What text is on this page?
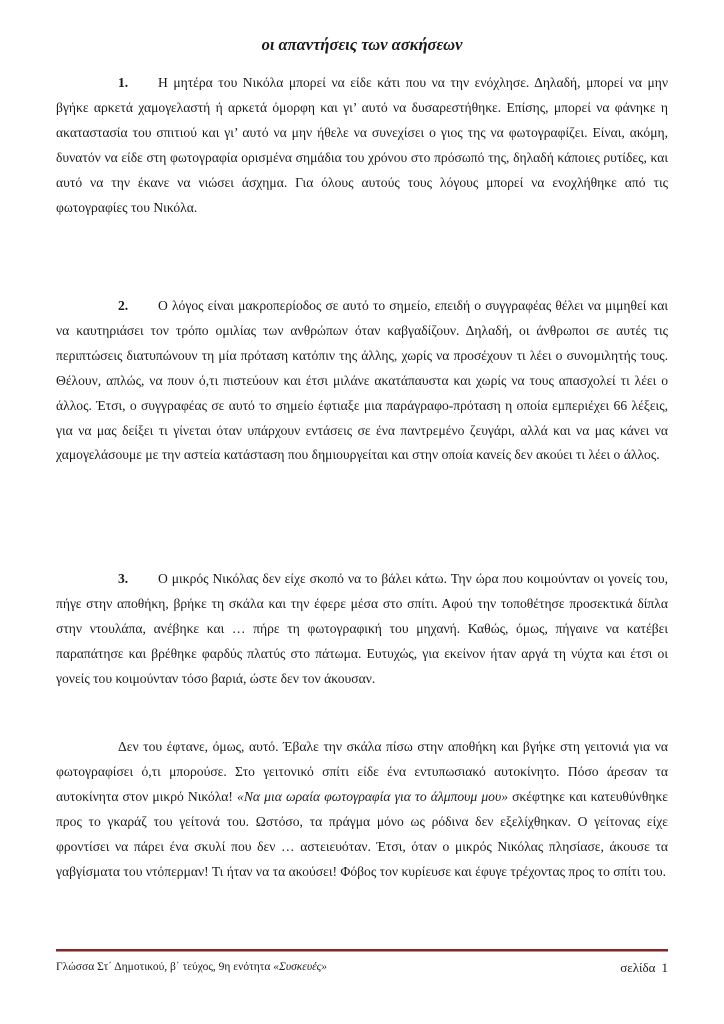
οι απαντήσεις των ασκήσεων

1. Η μητέρα του Νικόλα μπορεί να είδε κάτι που να την ενόχλησε. Δηλαδή, μπορεί να μην βγήκε αρκετά χαμογελαστή ή αρκετά όμορφη και γι’ αυτό να δυσαρεστήθηκε. Επίσης, μπορεί να φάνηκε η ακαταστασία του σπιτιού και γι’ αυτό να μην ήθελε να συνεχίσει ο γιος της να φωτογραφίζει. Είναι, ακόμη, δυνατόν να είδε στη φωτογραφία ορισμένα σημάδια του χρόνου στο πρόσωπό της, δηλαδή κάποιες ρυτίδες, και αυτό να την έκανε να νιώσει άσχημα. Για όλους αυτούς τους λόγους μπορεί να ενοχλήθηκε από τις φωτογραφίες του Νικόλα.

2. Ο λόγος είναι μακροπερίοδος σε αυτό το σημείο, επειδή ο συγγραφέας θέλει να μιμηθεί και να καυτηριάσει τον τρόπο ομιλίας των ανθρώπων όταν καβγαδίζουν. Δηλαδή, οι άνθρωποι σε αυτές τις περιπτώσεις διατυπώνουν τη μία πρόταση κατόπιν της άλλης, χωρίς να προσέχουν τι λέει ο συνομιλητής τους. Θέλουν, απλώς, να πουν ό,τι πιστεύουν και έτσι μιλάνε ακατάπαυστα και χωρίς να τους απασχολεί τι λέει ο άλλος. Έτσι, ο συγγραφέας σε αυτό το σημείο έφτιαξε μια παράγραφο-πρόταση η οποία εμπεριέχει 66 λέξεις, για να μας δείξει τι γίνεται όταν υπάρχουν εντάσεις σε ένα παντρεμένο ζευγάρι, αλλά και να μας κάνει να χαμογελάσουμε με την αστεία κατάσταση που δημιουργείται και στην οποία κανείς δεν ακούει τι λέει ο άλλος.

3. Ο μικρός Νικόλας δεν είχε σκοπό να το βάλει κάτω. Την ώρα που κοιμούνταν οι γονείς του, πήγε στην αποθήκη, βρήκε τη σκάλα και την έφερε μέσα στο σπίτι. Αφού την τοποθέτησε προσεκτικά δίπλα στην ντουλάπα, ανέβηκε και … πήρε τη φωτογραφική του μηχανή. Καθώς, όμως, πήγαινε να κατέβει παραπάτησε και βρέθηκε φαρδύς πλατύς στο πάτωμα. Ευτυχώς, για εκείνον ήταν αργά τη νύχτα και έτσι οι γονείς του κοιμούνταν τόσο βαριά, ώστε δεν τον άκουσαν.

Δεν του έφτανε, όμως, αυτό. Έβαλε την σκάλα πίσω στην αποθήκη και βγήκε στη γειτονιά για να φωτογραφίσει ό,τι μπορούσε. Στο γειτονικό σπίτι είδε ένα εντυπωσιακό αυτοκίνητο. Πόσο άρεσαν τα αυτοκίνητα στον μικρό Νικόλα! «Να μια ωραία φωτογραφία για το άλμπουμ μου» σκέφτηκε και κατευθύνθηκε προς το γκαράζ του γείτονά του. Ωστόσο, τα πράγμα μόνο ως ρόδινα δεν εξελίχθηκαν. Ο γείτονας είχε φροντίσει να πάρει ένα σκυλί που δεν … αστειευόταν. Έτσι, όταν ο μικρός Νικόλας πλησίασε, άκουσε τα γαβγίσματα του ντόπερμαν! Τι ήταν να τα ακούσει! Φόβος τον κυρίευσε και έφυγε τρέχοντας προς το σπίτι του.

Γλώσσα Στ΄ Δημοτικού, β΄ τεύχος, 9η ενότητα «Συσκευές»	σελίδα 1
